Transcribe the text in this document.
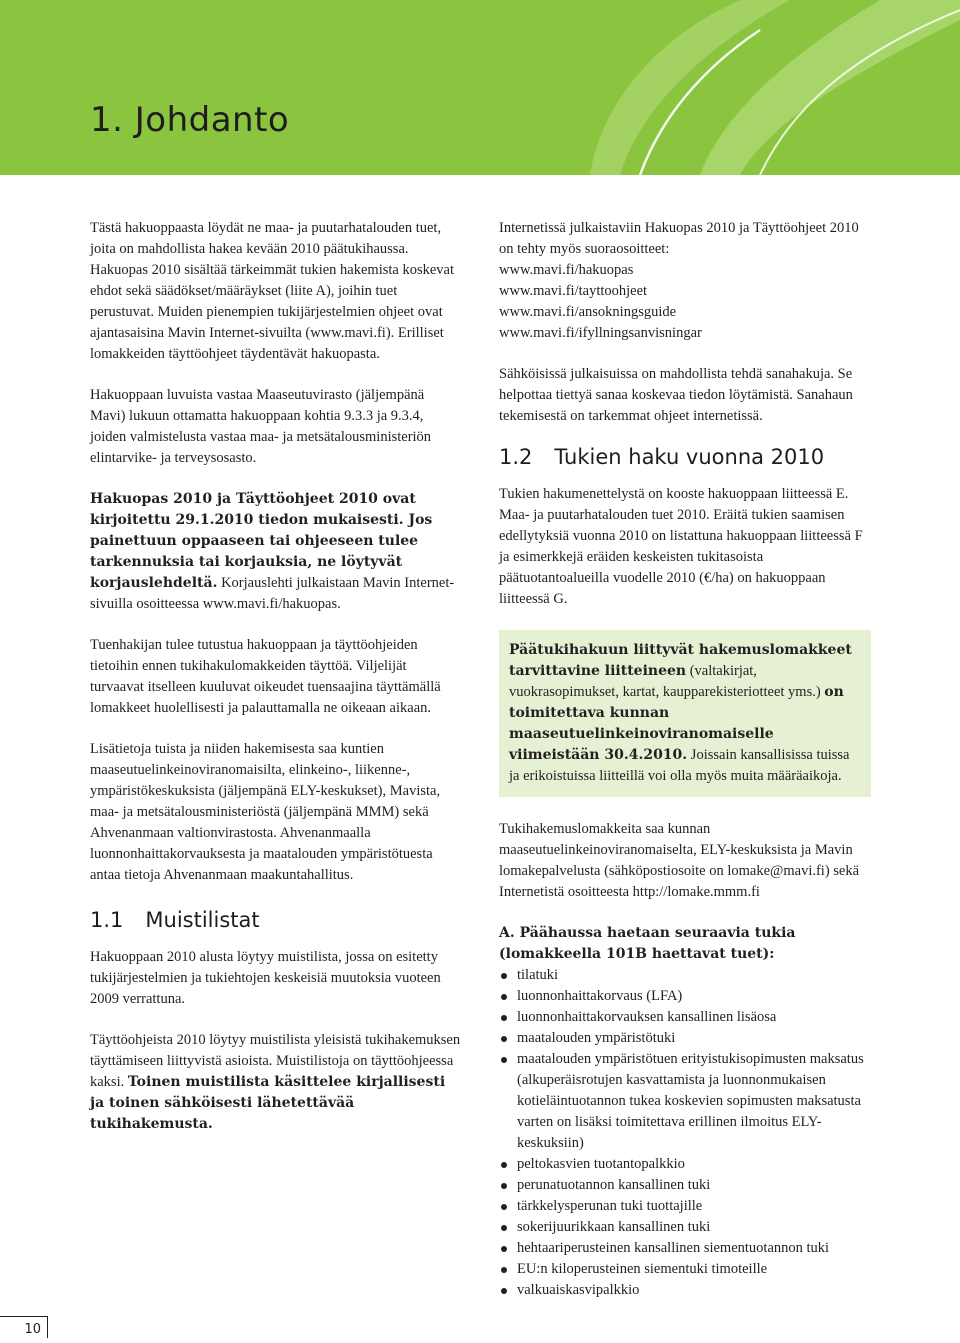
1. Johdanto

Tästä hakuoppaasta löydät ne maa- ja puutarhatalouden tuet, joita on mahdollista hakea kevään 2010 päätukihaussa. Hakuopas 2010 sisältää tärkeimmät tukien hakemista koskevat ehdot sekä säädökset/määräykset (liite A), joihin tuet perustuvat. Muiden pienempien tukijärjestelmien ohjeet ovat ajantasaisina Mavin Internet-sivuilta (www.mavi.fi). Erilliset lomakkeiden täyttöohjeet täydentävät hakuopasta.

Hakuoppaan luvuista vastaa Maaseutuvirasto (jäljempänä Mavi) lukuun ottamatta hakuoppaan kohtia 9.3.3 ja 9.3.4, joiden valmistelusta vastaa maa- ja metsätalousministeriön elintarvike- ja terveysosasto.

Hakuopas 2010 ja Täyttöohjeet 2010 ovat kirjoitettu 29.1.2010 tiedon mukaisesti. Jos painettuun oppaaseen tai ohjeeseen tulee tarkennuksia tai korjauksia, ne löytyvät korjauslehdeltä. Korjauslehti julkaistaan Mavin Internet-sivuilla osoitteessa www.mavi.fi/hakuopas.

Tuenhakijan tulee tutustua hakuoppaan ja täyttöohjeiden tietoihin ennen tukihakulomakkeiden täyttöä. Viljelijät turvaavat itselleen kuuluvat oikeudet tuensaajina täyttämällä lomakkeet huolellisesti ja palauttamalla ne oikeaan aikaan.

Lisätietoja tuista ja niiden hakemisesta saa kuntien maaseutuelinkeinoviranomaisilta, elinkeino-, liikenne-, ympäristökeskuksista (jäljempänä ELY-keskukset), Mavista, maa- ja metsätalousministeriöstä (jäljempänä MMM) sekä Ahvenanmaan valtionvirastosta. Ahvenanmaalla luonnonhaittakorvauksesta ja maatalouden ympäristötuesta antaa tietoja Ahvenanmaan maakuntahallitus.

1.1 Muistilistat

Hakuoppaan 2010 alusta löytyy muistilista, jossa on esitetty tukijärjestelmien ja tukiehtojen keskeisiä muutoksia vuoteen 2009 verrattuna.

Täyttöohjeista 2010 löytyy muistilista yleisistä tukihakemuksen täyttämiseen liittyvistä asioista. Muistilistoja on täyttöohjeessa kaksi. Toinen muistilista käsittelee kirjallisesti ja toinen sähköisesti lähetettävää tukihakemusta.

Internetissä julkaistaviin Hakuopas 2010 ja Täyttöohjeet 2010 on tehty myös suoraosoitteet:

www.mavi.fi/hakuopas
www.mavi.fi/tayttoohjeet
www.mavi.fi/ansokningsguide
www.mavi.fi/ifyllningsanvisningar

Sähköisissä julkaisuissa on mahdollista tehdä sanahakuja. Se helpottaa tiettyä sanaa koskevaa tiedon löytämistä. Sanahaun tekemisestä on tarkemmat ohjeet internetissä.

1.2 Tukien haku vuonna 2010

Tukien hakumenettelystä on kooste hakuoppaan liitteessä E. Maa- ja puutarhatalouden tuet 2010. Eräitä tukien saamisen edellytyksiä vuonna 2010 on listattuna hakuoppaan liitteessä F ja esimerkkejä eräiden keskeisten tukitasoista päätuotantoalueilla vuodelle 2010 (€/ha) on hakuoppaan liitteessä G.

Päätukihakuun liittyvät hakemuslomakkeet tarvittavine liitteineen (valtakirjat, vuokrasopimukset, kartat, kaupparekisteriotteet yms.) on toimitettava kunnan maaseutuelinkeinoviranomaiselle viimeistään 30.4.2010. Joissain kansallisissa tuissa ja erikoistuissa liitteillä voi olla myös muita määräaikoja.

Tukihakemuslomakkeita saa kunnan maaseutuelinkeinoviranomaiselta, ELY-keskuksista ja Mavin lomakepalvelusta (sähköpostiosoite on lomake@mavi.fi) sekä Internetistä osoitteesta http://lomake.mmm.fi

A. Päähaussa haetaan seuraavia tukia (lomakkeella 101B haettavat tuet):

tilatuki
luonnonhaittakorvaus (LFA)
luonnonhaittakorvauksen kansallinen lisäosa
maatalouden ympäristötuki
maatalouden ympäristötuen erityistukisopimusten maksatus (alkuperäisrotujen kasvattamista ja luonnonmukaisen kotieläintuotannon tukea koskevien sopimusten maksatusta varten on lisäksi toimitettava erillinen ilmoitus ELY-keskuksiin)
peltokasvien tuotantopalkkio
perunatuotannon kansallinen tuki
tärkkelysperunan tuki tuottajille
sokerijuurikkaan kansallinen tuki
hehtaariperusteinen kansallinen siementuotannon tuki
EU:n kiloperusteinen siementuki timoteille
valkuaiskasvipalkkio
10
